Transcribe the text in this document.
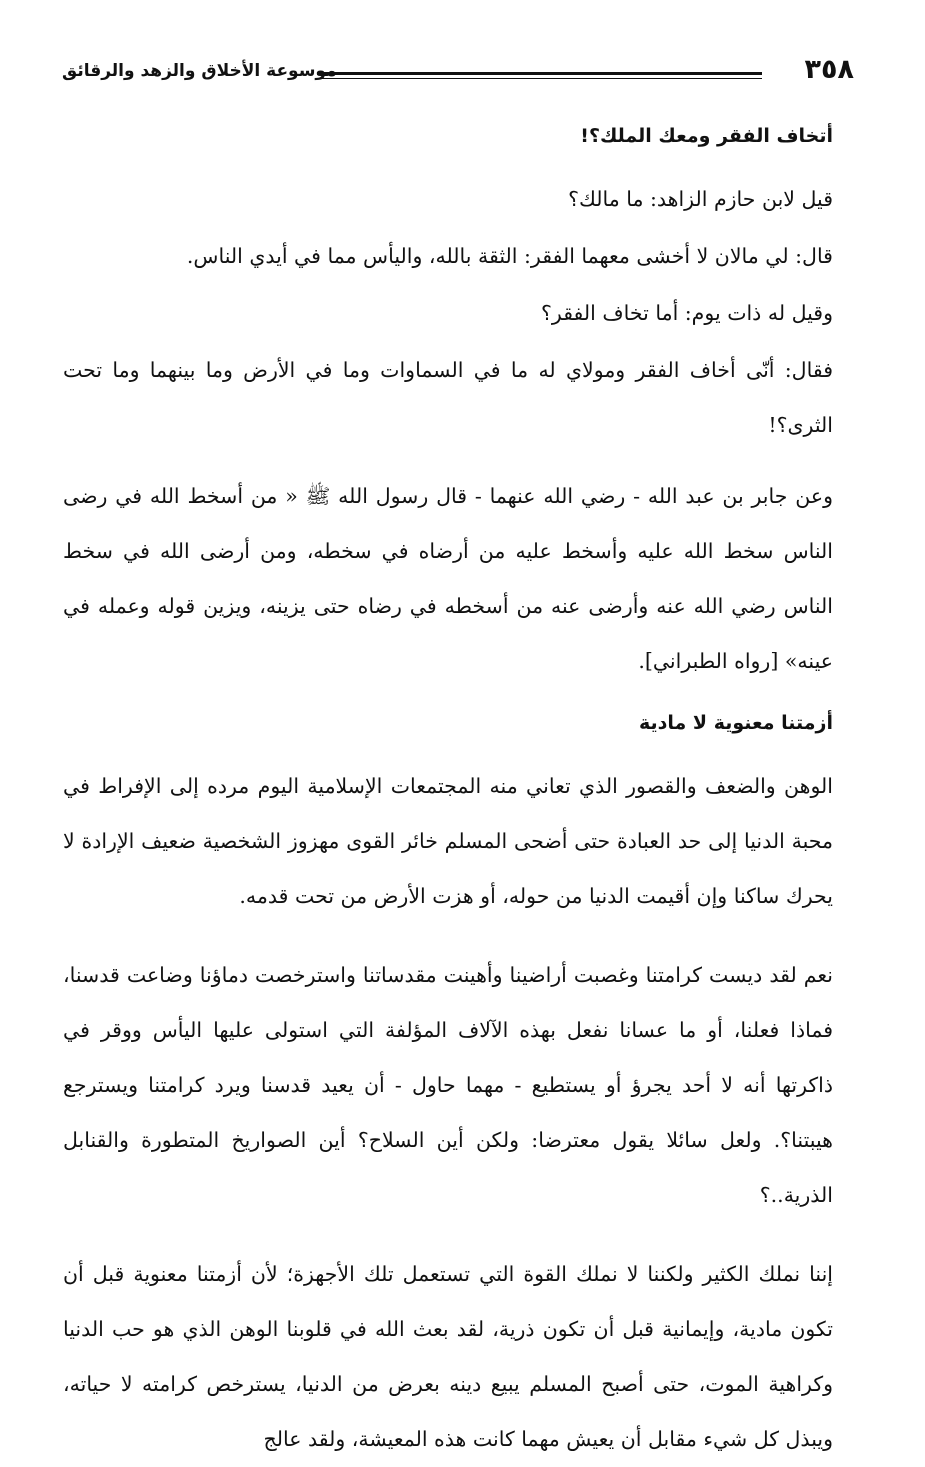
٣٥٨
موسوعة الأخلاق والزهد والرقائق
أتخاف الفقر ومعك الملك؟!

قيل لابن حازم الزاهد: ما مالك؟

قال: لي مالان لا أخشى معهما الفقر: الثقة بالله، واليأس مما في أيدي الناس.

وقيل له ذات يوم: أما تخاف الفقر؟

فقال: أنّى أخاف الفقر ومولاي له ما في السماوات وما في الأرض وما بينهما وما تحت الثرى؟!

وعن جابر بن عبد الله - رضي الله عنهما - قال رسول الله ﷺ « من أسخط الله في رضى الناس سخط الله عليه وأسخط عليه من أرضاه في سخطه، ومن أرضى الله في سخط الناس رضي الله عنه وأرضى عنه من أسخطه في رضاه حتى يزينه، ويزين قوله وعمله في عينه» [رواه الطبراني].

أزمتنا معنوية لا مادية

الوهن والضعف والقصور الذي تعاني منه المجتمعات الإسلامية اليوم مرده إلى الإفراط في محبة الدنيا إلى حد العبادة حتى أضحى المسلم خائر القوى مهزوز الشخصية ضعيف الإرادة لا يحرك ساكنا وإن أقيمت الدنيا من حوله، أو هزت الأرض من تحت قدمه.

نعم لقد ديست كرامتنا وغصبت أراضينا وأهينت مقدساتنا واسترخصت دماؤنا وضاعت قدسنا، فماذا فعلنا، أو ما عسانا نفعل بهذه الآلاف المؤلفة التي استولى عليها اليأس ووقر في ذاكرتها أنه لا أحد يجرؤ أو يستطيع - مهما حاول - أن يعيد قدسنا ويرد كرامتنا ويسترجع هيبتنا؟. ولعل سائلا يقول معترضا: ولكن أين السلاح؟ أين الصواريخ المتطورة والقنابل الذرية..؟

إننا نملك الكثير ولكننا لا نملك القوة التي تستعمل تلك الأجهزة؛ لأن أزمتنا معنوية قبل أن تكون مادية، وإيمانية قبل أن تكون ذرية، لقد بعث الله في قلوبنا الوهن الذي هو حب الدنيا وكراهية الموت، حتى أصبح المسلم يبيع دينه بعرض من الدنيا، يسترخص كرامته لا حياته، ويبذل كل شيء مقابل أن يعيش مهما كانت هذه المعيشة، ولقد عالج
